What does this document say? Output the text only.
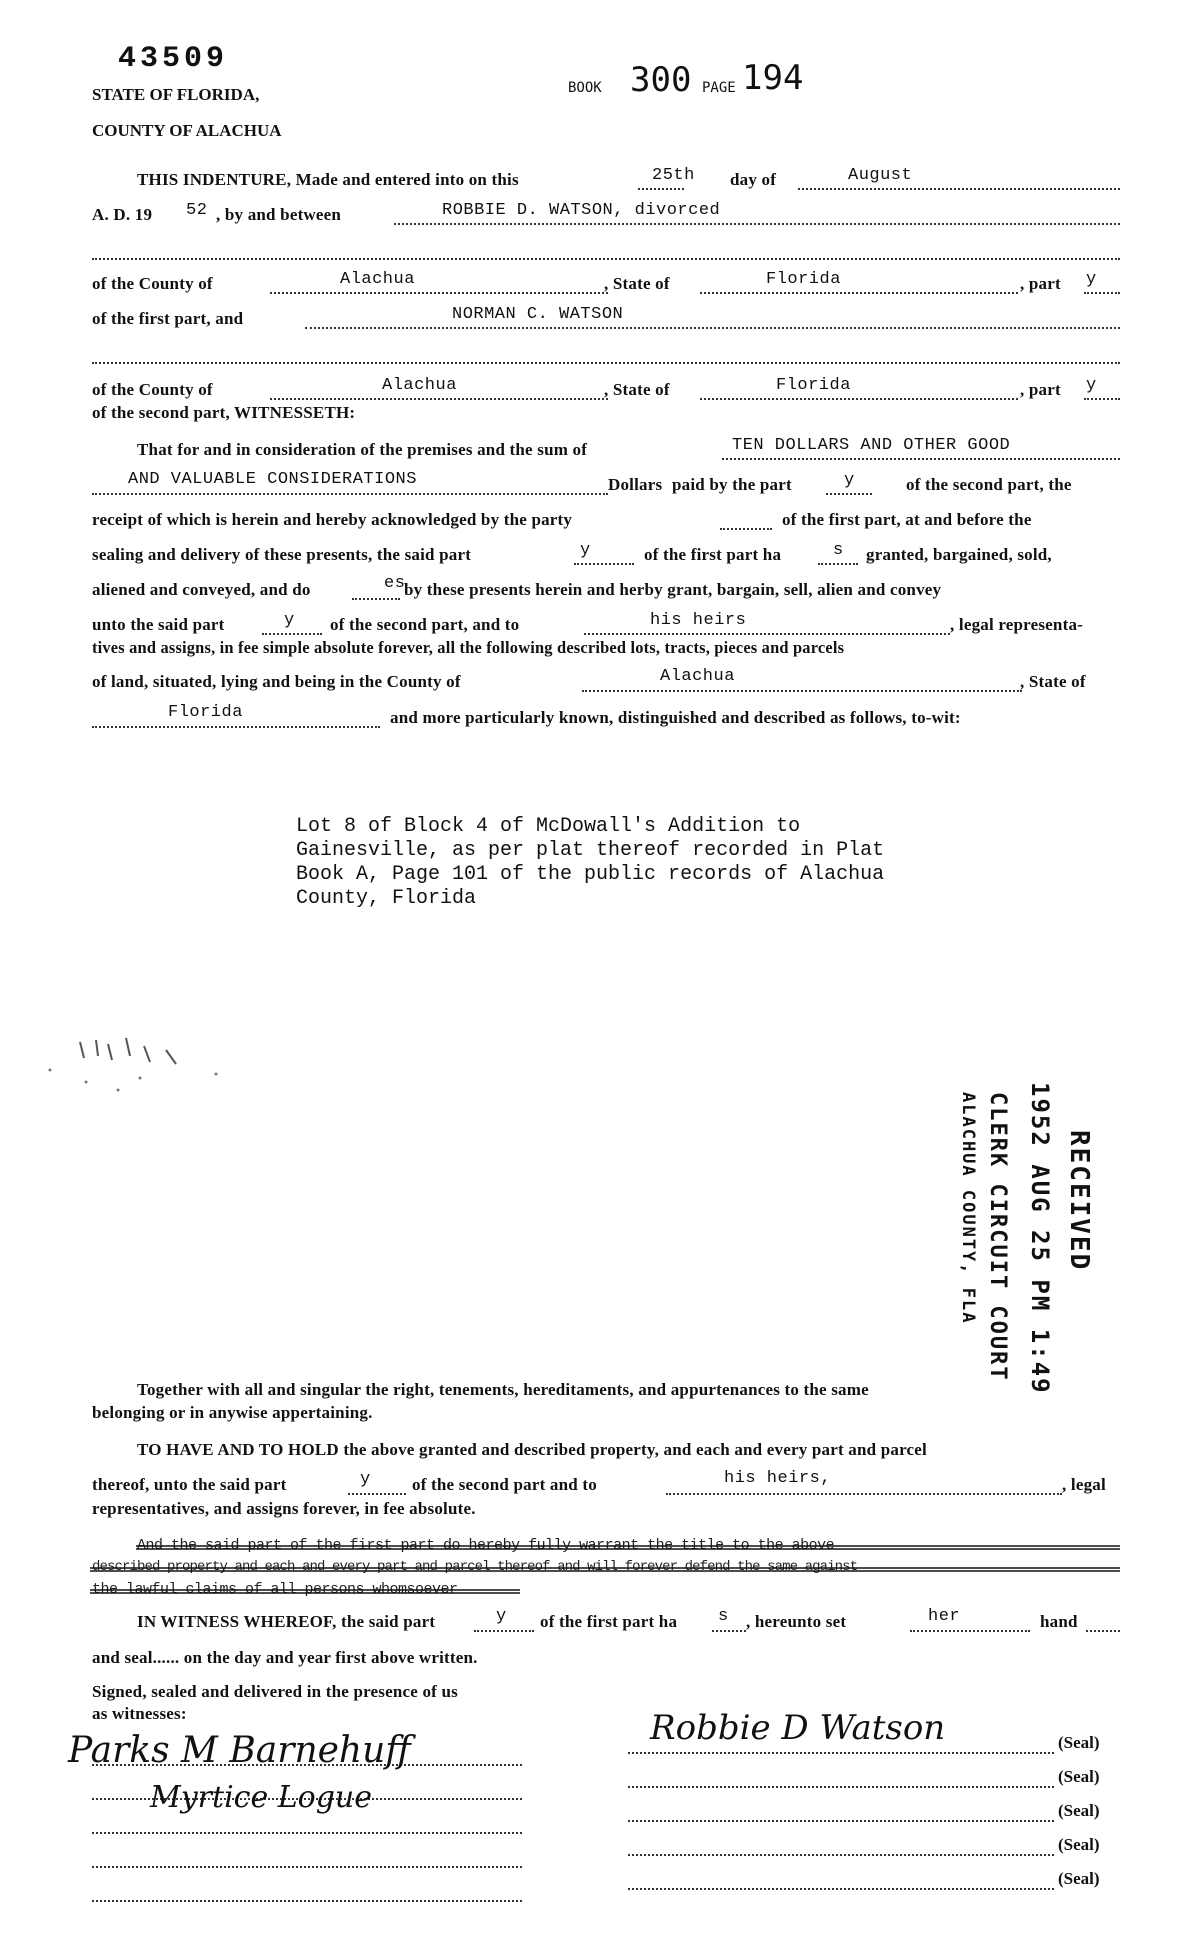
43509
STATE OF FLORIDA,
COUNTY OF ALACHUA
BOOK 300 PAGE 194
THIS INDENTURE, Made and entered into on this	25th day of	August
A. D. 19 52 , by and between	ROBBIE D. WATSON, divorced
of the County of	Alachua	, State of	Florida	, part y
of the first part, and	NORMAN C. WATSON
of the County of	Alachua	, State of	Florida	, part y
of the second part, WITNESSETH:
That for and in consideration of the premises and the sum of	TEN DOLLARS AND OTHER GOOD
AND VALUABLE CONSIDERATIONS	Dollars paid by the part	y	of the second part, the
receipt of which is herein and hereby acknowledged by the party	of the first part, at and before the
sealing and delivery of these presents, the said part	y	of the first part ha	s granted, bargained, sold,
aliened and conveyed, and do	es
by these presents herein and herby grant, bargain, sell, alien and convey
unto the said part	y of the second part, and to	his heirs	, legal representa-
tives and assigns, in fee simple absolute forever, all the following described lots, tracts, pieces and parcels
of land, situated, lying and being in the County of	Alachua	, State of
Florida	and more particularly known, distinguished and described as follows, to-wit:
Lot 8 of Block 4 of McDowall's Addition to
Gainesville, as per plat thereof recorded in Plat
Book A, Page 101 of the public records of Alachua
County, Florida
RECEIVED
1952 AUG 25 PM 1:49
CLERK CIRCUIT COURT
ALACHUA COUNTY, FLA
Together with all and singular the right, tenements, hereditaments, and appurtenances to the same
belonging or in anywise appertaining.
TO HAVE AND TO HOLD the above granted and described property, and each and every part and parcel
thereof, unto the said part	y of the second part and to	his heirs,	, legal
representatives, and assigns forever, in fee absolute.
And the said part of the first part do hereby fully warrant the title to the above
described property and each and every part and parcel thereof and will forever defend the same against
the lawful claims of all persons whomsoever
IN WITNESS WHEREOF, the said part	y of the first part ha s , hereunto set	her	hand
and seal...... on the day and year first above written.
Signed, sealed and delivered in the presence of us
as witnesses:
Parks M Barnehuff
Myrtice Logue
(Seal)
(Seal)
(Seal)
(Seal)
(Seal)
Robbie D Watson
